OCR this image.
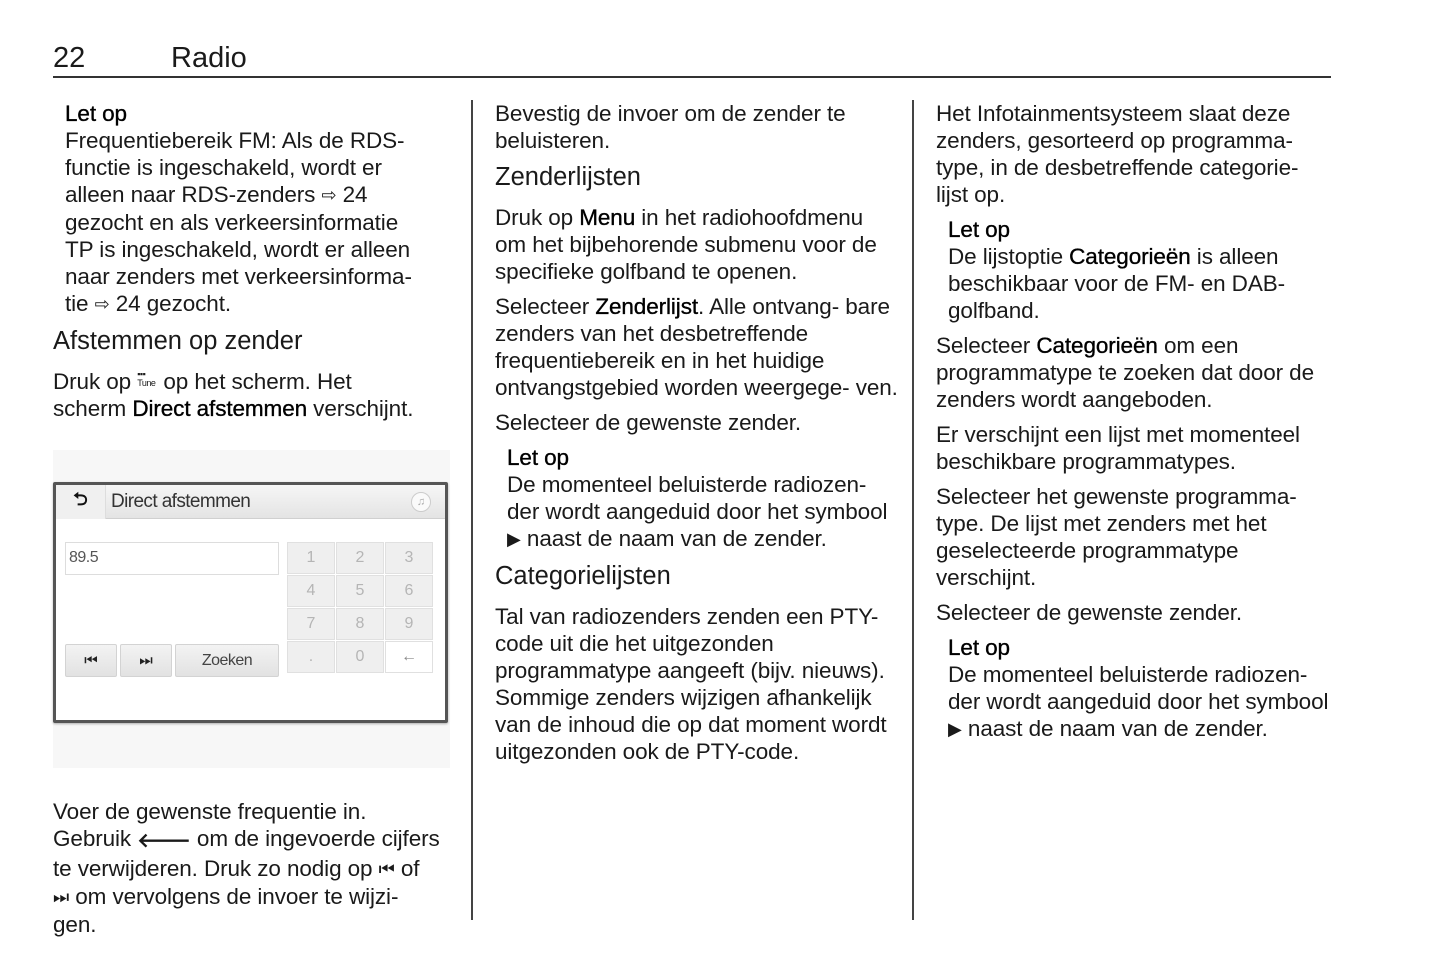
22	Radio
Let op
Frequentiebereik FM: Als de RDS-
functie is ingeschakeld, wordt er
alleen naar RDS-zenders ⇨ 24
gezocht en als verkeersinformatie
TP is ingeschakeld, wordt er alleen
naar zenders met verkeersinforma-
tie ⇨ 24 gezocht.
Afstemmen op zender

Druk op ▪▪▪
Tune op het scherm. Het
scherm Direct afstemmen verschijnt.

⮌ Direct afstemmen	♫
89.5
⏮	⏭	Zoeken
1	2	3
4	5	6
7	8	9
.	0	←

Voer de gewenste frequentie in.
Gebruik 🡐 om de ingevoerde cijfers
te verwijderen. Druk zo nodig op ⏮ of
⏭ om vervolgens de invoer te wijzi-
gen.

Bevestig de invoer om de zender te beluisteren.

Zenderlijsten

Druk op Menu in het radiohoofdmenu om het bijbehorende submenu voor de specifieke golfband te openen.

Selecteer Zenderlijst. Alle ontvang- bare zenders van het desbetreffende frequentiebereik en in het huidige ontvangstgebied worden weergege- ven.

Selecteer de gewenste zender.

Let op
De momenteel beluisterde radiozen- der wordt aangeduid door het symbool ▶ naast de naam van de zender.
Categorielijsten

Tal van radiozenders zenden een PTY-code uit die het uitgezonden programmatype aangeeft (bijv. nieuws). Sommige zenders wijzigen afhankelijk van de inhoud die op dat moment wordt uitgezonden ook de PTY-code.

Het Infotainmentsysteem slaat deze zenders, gesorteerd op programma- type, in de desbetreffende categorie- lijst op.

Let op
De lijstoptie Categorieën is alleen beschikbaar voor de FM- en DAB- golfband.

Selecteer Categorieën om een programmatype te zoeken dat door de zenders wordt aangeboden.

Er verschijnt een lijst met momenteel beschikbare programmatypes.

Selecteer het gewenste programma- type. De lijst met zenders met het geselecteerde programmatype verschijnt.

Selecteer de gewenste zender.

Let op
De momenteel beluisterde radiozen- der wordt aangeduid door het symbool ▶ naast de naam van de zender.
